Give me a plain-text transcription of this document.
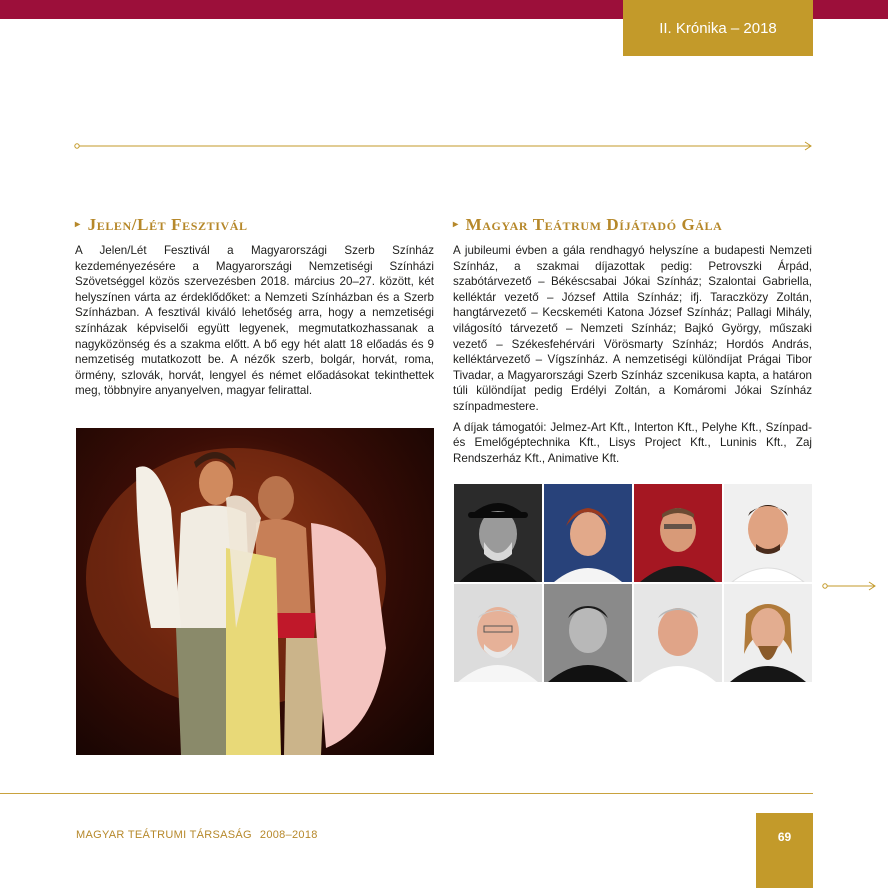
II. Krónika – 2018
▸ Jelen/Lét Fesztivál

A Jelen/Lét Fesztivál a Magyarországi Szerb Színház kezdeményezésére a Magyarországi Nemzetiségi Színházi Szövetséggel közös szervezésben 2018. március 20–27. között, két helyszínen várta az érdeklődőket: a Nemzeti Színházban és a Szerb Színházban. A fesztivál kiváló lehetőség arra, hogy a nemzetiségi színházak képviselői együtt legyenek, megmutatkozhassanak a nagyközönség és a szakma előtt. A bő egy hét alatt 18 előadás és 9 nemzetiség mutatkozott be. A nézők szerb, bolgár, horvát, roma, örmény, szlovák, horvát, lengyel és német előadásokat tekinthettek meg, többnyire anyanyelven, magyar felirattal.

▸ Magyar Teátrum Díjátadó Gála

A jubileumi évben a gála rendhagyó helyszíne a budapesti Nemzeti Színház, a szakmai díjazottak pedig: Petrovszki Árpád, szabótárvezető – Békéscsabai Jókai Színház; Szalontai Gabriella, kelléktár vezető – József Attila Színház; ifj. Taraczközy Zoltán, hangtárvezető – Kecskeméti Katona József Színház; Pallagi Mihály, világosító tárvezető – Nemzeti Színház; Bajkó György, műszaki vezető – Székesfehérvári Vörösmarty Színház; Hordós András, kelléktárvezető – Vígszínház. A nemzetiségi különdíjat Prágai Tibor Tivadar, a Magyarországi Szerb Színház szcenikusa kapta, a határon túli különdíjat pedig Erdélyi Zoltán, a Komáromi Jókai Színház színpadmestere.

A díjak támogatói: Jelmez-Art Kft., Interton Kft., Pelyhe Kft., Színpad- és Emelőgéptechnika Kft., Lisys Project Kft., Luninis Kft., Zaj Rendszerház Kft., Animative Kft.

MAGYAR TEÁTRUMI TÁRSASÁG 2008–2018	69
